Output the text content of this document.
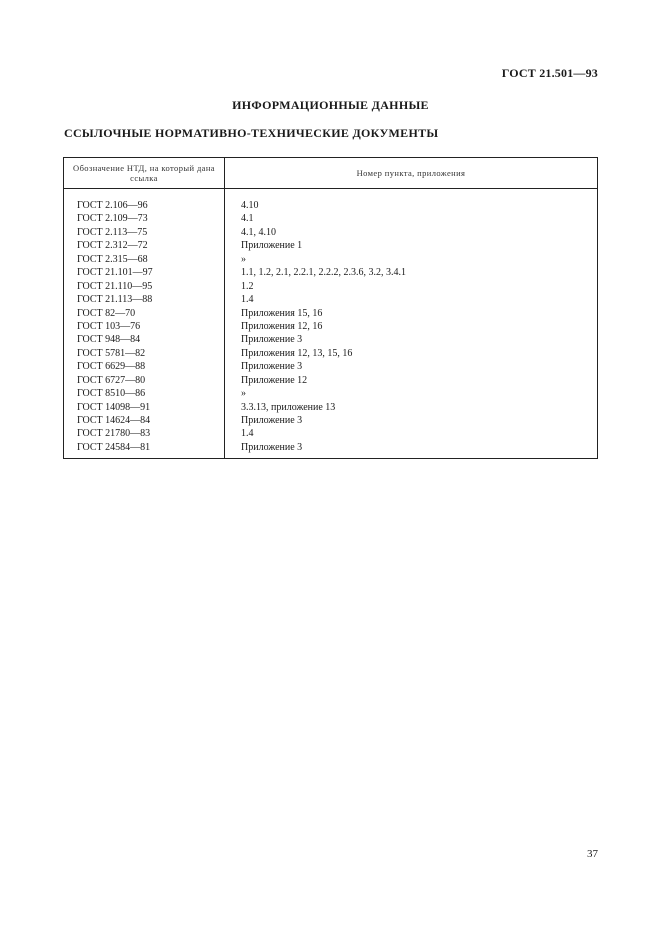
ГОСТ 21.501—93
ИНФОРМАЦИОННЫЕ ДАННЫЕ
ССЫЛОЧНЫЕ НОРМАТИВНО-ТЕХНИЧЕСКИЕ ДОКУМЕНТЫ
Обозначение НТД, на который дана ссылка	Номер пункта, приложения
ГОСТ 2.106—96	4.10
ГОСТ 2.109—73	4.1
ГОСТ 2.113—75	4.1, 4.10
ГОСТ 2.312—72	Приложение 1
ГОСТ 2.315—68	»
ГОСТ 21.101—97	1.1, 1.2, 2.1, 2.2.1, 2.2.2, 2.3.6, 3.2, 3.4.1
ГОСТ 21.110—95	1.2
ГОСТ 21.113—88	1.4
ГОСТ 82—70	Приложения 15, 16
ГОСТ 103—76	Приложения 12, 16
ГОСТ 948—84	Приложение 3
ГОСТ 5781—82	Приложения 12, 13, 15, 16
ГОСТ 6629—88	Приложение 3
ГОСТ 6727—80	Приложение 12
ГОСТ 8510—86	»
ГОСТ 14098—91	3.3.13, приложение 13
ГОСТ 14624—84	Приложение 3
ГОСТ 21780—83	1.4
ГОСТ 24584—81	Приложение 3
37
